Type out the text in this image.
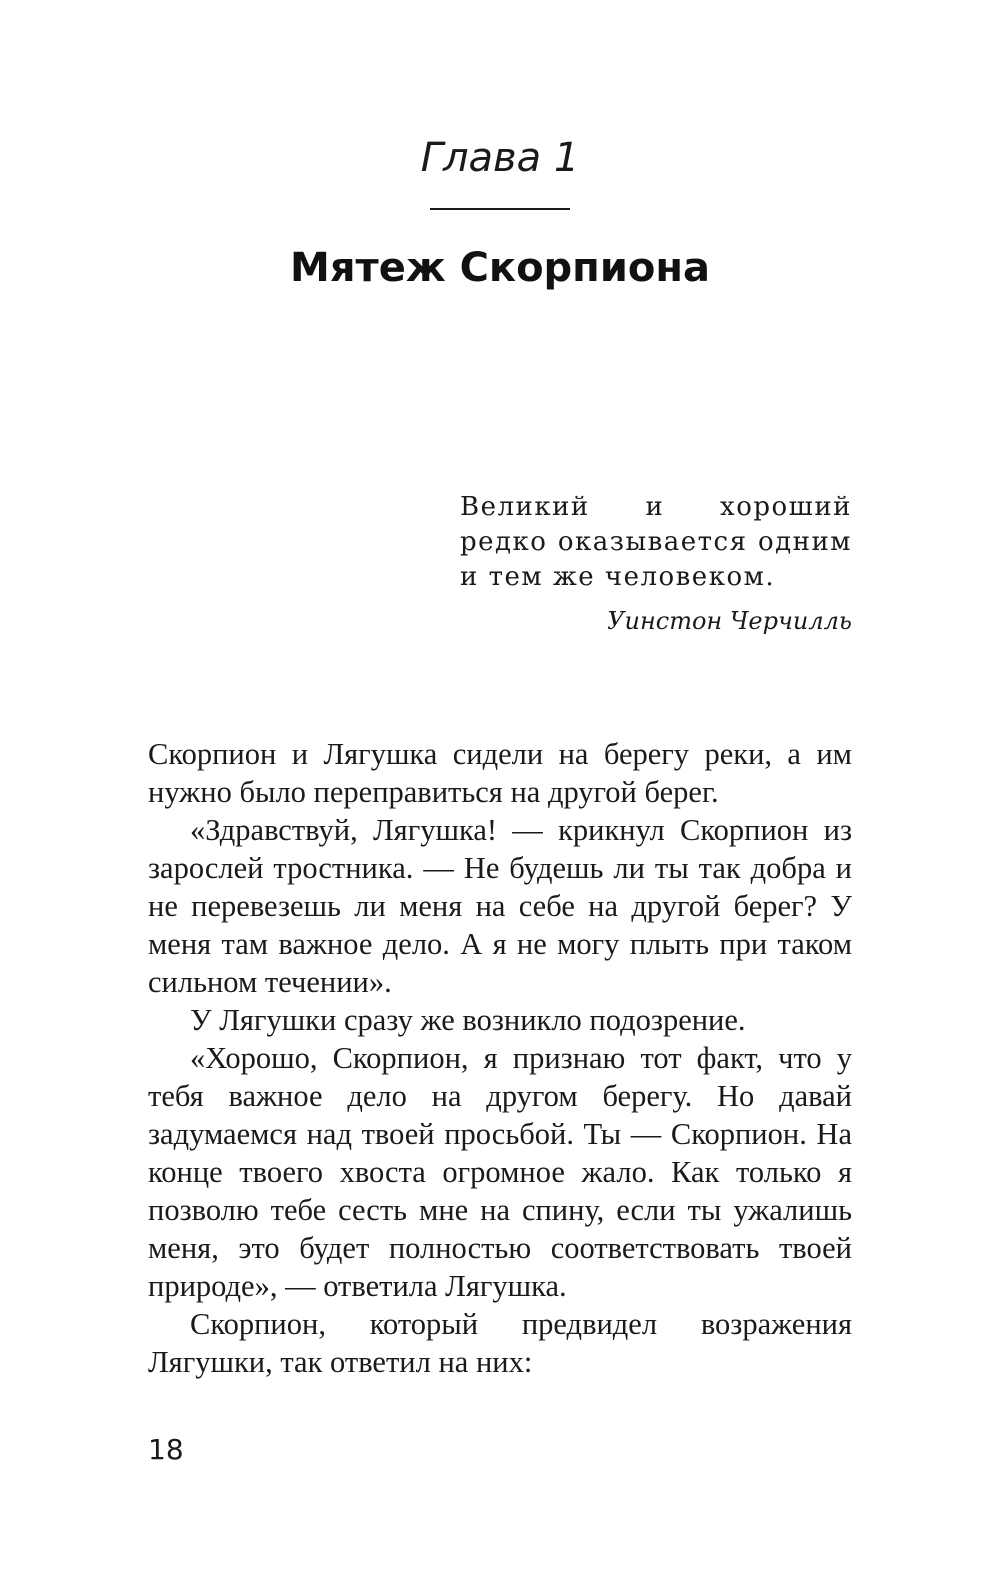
Глава 1
Мятеж Скорпиона
Великий и хороший редко оказывается одним и тем же человеком.
Уинстон Черчилль

Скорпион и Лягушка сидели на берегу реки, а им нужно было переправиться на другой берег.

«Здравствуй, Лягушка! — крикнул Скорпион из зарослей тростника. — Не будешь ли ты так добра и не перевезешь ли меня на себе на другой берег? У меня там важное дело. А я не могу плыть при таком сильном течении».

У Лягушки сразу же возникло подозрение.

«Хорошо, Скорпион, я признаю тот факт, что у тебя важное дело на другом берегу. Но давай задумаемся над твоей просьбой. Ты — Скорпион. На конце твоего хвоста огромное жало. Как только я позволю тебе сесть мне на спину, если ты ужалишь меня, это будет полностью соответствовать твоей природе», — ответила Лягушка.

Скорпион, который предвидел возражения Лягушки, так ответил на них:

18
